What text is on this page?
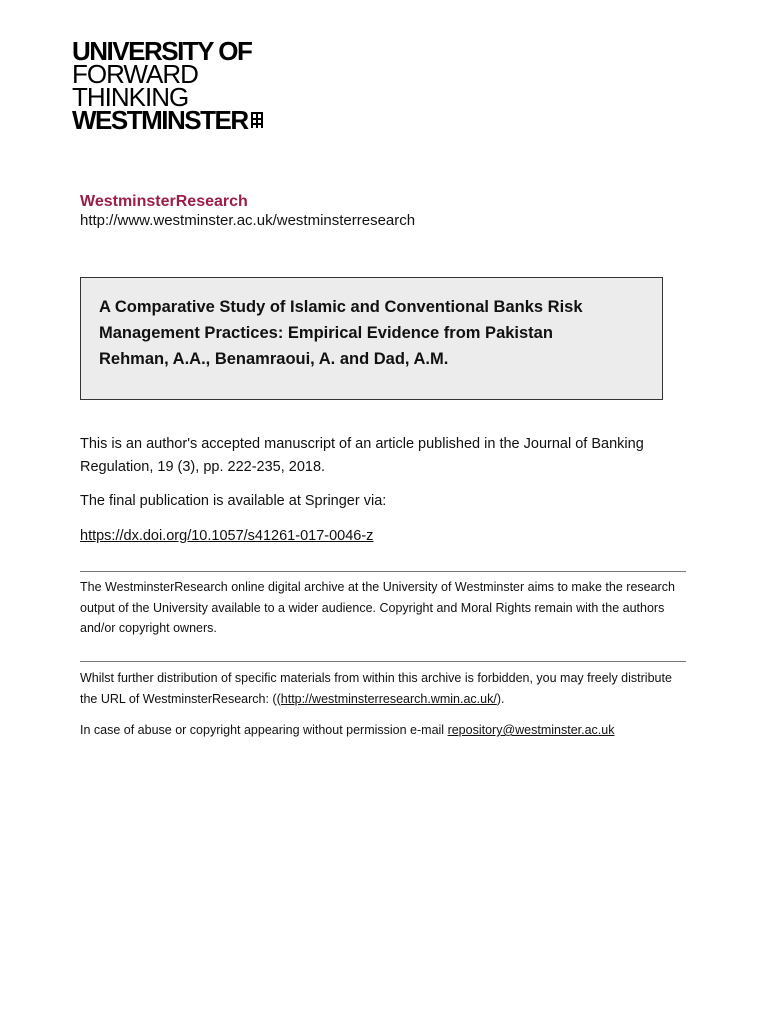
UNIVERSITY OF
FORWARD
THINKING
WESTMINSTER
WestminsterResearch
http://www.westminster.ac.uk/westminsterresearch
A Comparative Study of Islamic and Conventional Banks Risk Management Practices: Empirical Evidence from Pakistan
Rehman, A.A., Benamraoui, A. and Dad, A.M.
This is an author's accepted manuscript of an article published in the Journal of Banking Regulation, 19 (3), pp. 222-235, 2018.
The final publication is available at Springer via:
https://dx.doi.org/10.1057/s41261-017-0046-z
The WestminsterResearch online digital archive at the University of Westminster aims to make the research output of the University available to a wider audience. Copyright and Moral Rights remain with the authors and/or copyright owners.
Whilst further distribution of specific materials from within this archive is forbidden, you may freely distribute the URL of WestminsterResearch: ((http://westminsterresearch.wmin.ac.uk/).
In case of abuse or copyright appearing without permission e-mail repository@westminster.ac.uk
